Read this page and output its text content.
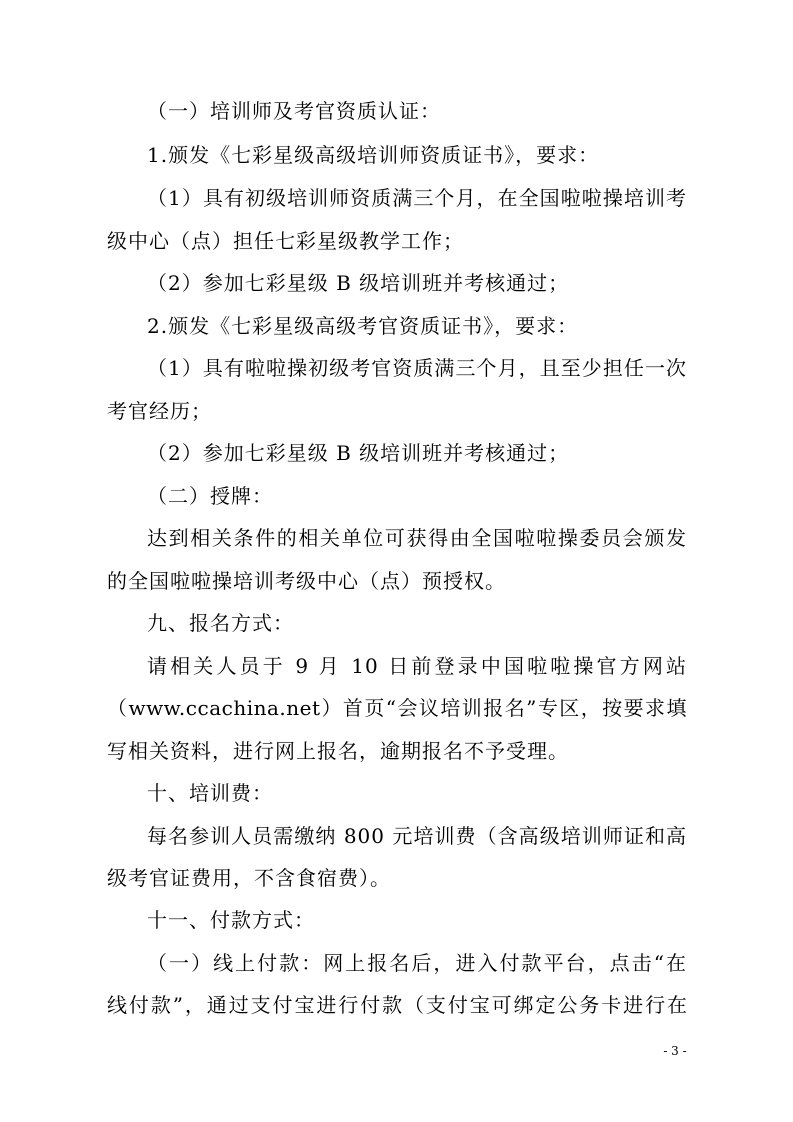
（一）培训师及考官资质认证：
1.颁发《七彩星级高级培训师资质证书》，要求：
（1）具有初级培训师资质满三个月，在全国啦啦操培训考
级中心（点）担任七彩星级教学工作；
（2）参加七彩星级 B 级培训班并考核通过；
2.颁发《七彩星级高级考官资质证书》，要求：
（1）具有啦啦操初级考官资质满三个月，且至少担任一次
考官经历；
（2）参加七彩星级 B 级培训班并考核通过；
（二）授牌：
达到相关条件的相关单位可获得由全国啦啦操委员会颁发
的全国啦啦操培训考级中心（点）预授权。
九、报名方式：
请相关人员于 9 月 10 日前登录中国啦啦操官方网站
（www.ccachina.net）首页“会议培训报名”专区，按要求填
写相关资料，进行网上报名，逾期报名不予受理。
十、培训费：
每名参训人员需缴纳 800 元培训费（含高级培训师证和高
级考官证费用，不含食宿费）。
十一、付款方式：
（一）线上付款：网上报名后，进入付款平台，点击“在
线付款”，通过支付宝进行付款（支付宝可绑定公务卡进行在
- 3 -
